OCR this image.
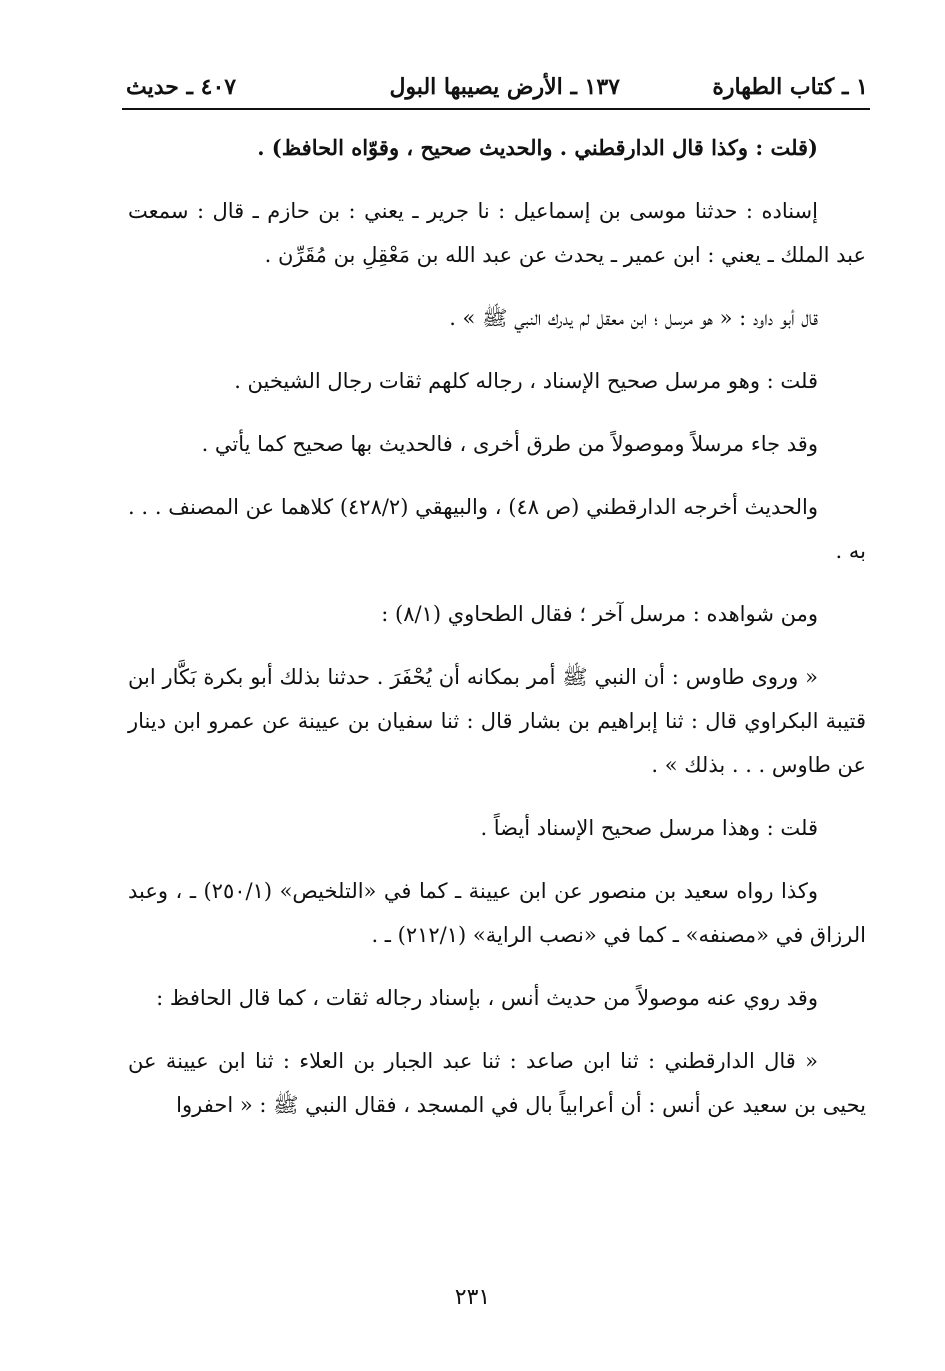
١ ـ كتاب الطهارة
١٣٧ ـ الأرض يصيبها البول
٤٠٧ ـ حديث

(قلت : وكذا قال الدارقطني . والحديث صحيح ، وقوّاه الحافظ) .

إسناده : حدثنا موسى بن إسماعيل : نا جرير ـ يعني : بن حازم ـ قال : سمعت عبد الملك ـ يعني : ابن عمير ـ يحدث عن عبد الله بن مَعْقِلِ بن مُقَرِّن .

قال أبو داود : « هو مرسل ؛ ابن معقل لم يدرك النبي ﷺ » .

قلت : وهو مرسل صحيح الإسناد ، رجاله كلهم ثقات رجال الشيخين .

وقد جاء مرسلاً وموصولاً من طرق أخرى ، فالحديث بها صحيح كما يأتي .

والحديث أخرجه الدارقطني (ص ٤٨) ، والبيهقي (٤٢٨/٢) كلاهما عن المصنف . . . به .

ومن شواهده : مرسل آخر ؛ فقال الطحاوي (٨/١) :

« وروى طاوس : أن النبي ﷺ أمر بمكانه أن يُحْفَرَ . حدثنا بذلك أبو بكرة بَكَّار ابن قتيبة البكراوي قال : ثنا إبراهيم بن بشار قال : ثنا سفيان بن عيينة عن عمرو ابن دينار عن طاوس . . . بذلك » .

قلت : وهذا مرسل صحيح الإسناد أيضاً .

وكذا رواه سعيد بن منصور عن ابن عيينة ـ كما في «التلخيص» (٢٥٠/١) ـ ، وعبد الرزاق في «مصنفه» ـ كما في «نصب الراية» (٢١٢/١) ـ .

وقد روي عنه موصولاً من حديث أنس ، بإسناد رجاله ثقات ، كما قال الحافظ :

« قال الدارقطني : ثنا ابن صاعد : ثنا عبد الجبار بن العلاء : ثنا ابن عيينة عن يحيى بن سعيد عن أنس : أن أعرابياً بال في المسجد ، فقال النبي ﷺ : « احفروا

٢٣١
